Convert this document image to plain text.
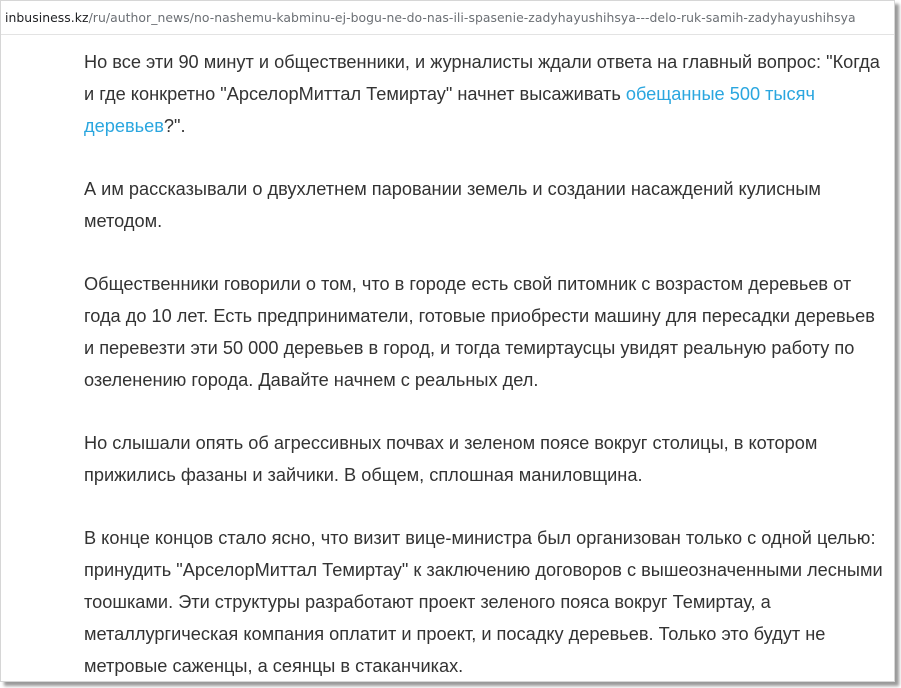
inbusiness.kz /ru/author_news/no-nashemu-kabminu-ej-bogu-ne-do-nas-ili-spasenie-zadyhayushihsya---delo-ruk-samih-zadyhayushihsya

Но все эти 90 минут и общественники, и журналисты ждали ответа на главный вопрос: "Когда и где конкретно "АрселорМиттал Темиртау" начнет высаживать обещанные 500 тысяч деревьев?".

А им рассказывали о двухлетнем паровании земель и создании насаждений кулисным методом.

Общественники говорили о том, что в городе есть свой питомник с возрастом деревьев от года до 10 лет. Есть предприниматели, готовые приобрести машину для пересадки деревьев и перевезти эти 50 000 деревьев в город, и тогда темиртаусцы увидят реальную работу по озеленению города. Давайте начнем с реальных дел.

Но слышали опять об агрессивных почвах и зеленом поясе вокруг столицы, в котором прижились фазаны и зайчики. В общем, сплошная маниловщина.

В конце концов стало ясно, что визит вице-министра был организован только с одной целью: принудить "АрселорМиттал Темиртау" к заключению договоров с вышеозначенными лесными тоошками. Эти структуры разработают проект зеленого пояса вокруг Темиртау, а металлургическая компания оплатит и проект, и посадку деревьев. Только это будут не метровые саженцы, а сеянцы в стаканчиках.
